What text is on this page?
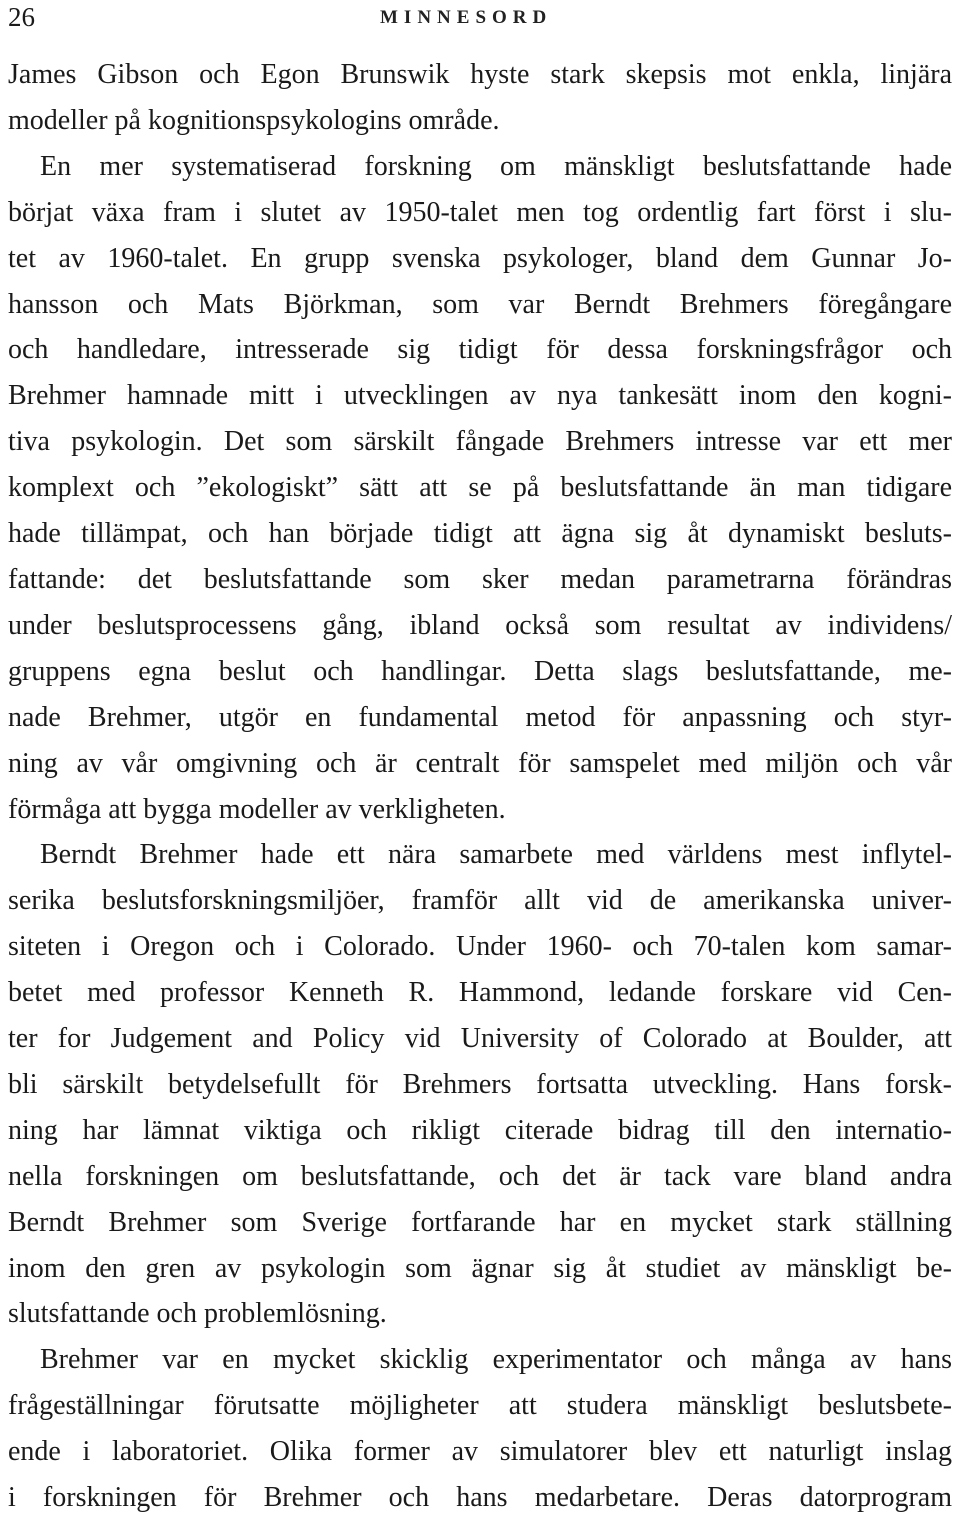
26	MINNESORD
James Gibson och Egon Brunswik hyste stark skepsis mot enkla, linjära
modeller på kognitionspsykologins område.
En mer systematiserad forskning om mänskligt beslutsfattande hade
börjat växa fram i slutet av 1950-talet men tog ordentlig fart först i slu-
tet av 1960-talet. En grupp svenska psykologer, bland dem Gunnar Jo-
hansson och Mats Björkman, som var Berndt Brehmers föregångare
och handledare, intresserade sig tidigt för dessa forskningsfrågor och
Brehmer hamnade mitt i utvecklingen av nya tankesätt inom den kogni-
tiva psykologin. Det som särskilt fångade Brehmers intresse var ett mer
komplext och ”ekologiskt” sätt att se på beslutsfattande än man tidigare
hade tillämpat, och han började tidigt att ägna sig åt dynamiskt besluts-
fattande: det beslutsfattande som sker medan parametrarna förändras
under beslutsprocessens gång, ibland också som resultat av individens/
gruppens egna beslut och handlingar. Detta slags beslutsfattande, me-
nade Brehmer, utgör en fundamental metod för anpassning och styr-
ning av vår omgivning och är centralt för samspelet med miljön och vår
förmåga att bygga modeller av verkligheten.
Berndt Brehmer hade ett nära samarbete med världens mest inflytel-
serika beslutsforskningsmiljöer, framför allt vid de amerikanska univer-
siteten i Oregon och i Colorado. Under 1960- och 70-talen kom samar-
betet med professor Kenneth R. Hammond, ledande forskare vid Cen-
ter for Judgement and Policy vid University of Colorado at Boulder, att
bli särskilt betydelsefullt för Brehmers fortsatta utveckling. Hans forsk-
ning har lämnat viktiga och rikligt citerade bidrag till den internatio-
nella forskningen om beslutsfattande, och det är tack vare bland andra
Berndt Brehmer som Sverige fortfarande har en mycket stark ställning
inom den gren av psykologin som ägnar sig åt studiet av mänskligt be-
slutsfattande och problemlösning.
Brehmer var en mycket skicklig experimentator och många av hans
frågeställningar förutsatte möjligheter att studera mänskligt beslutsbete-
ende i laboratoriet. Olika former av simulatorer blev ett naturligt inslag
i forskningen för Brehmer och hans medarbetare. Deras datorprogram
